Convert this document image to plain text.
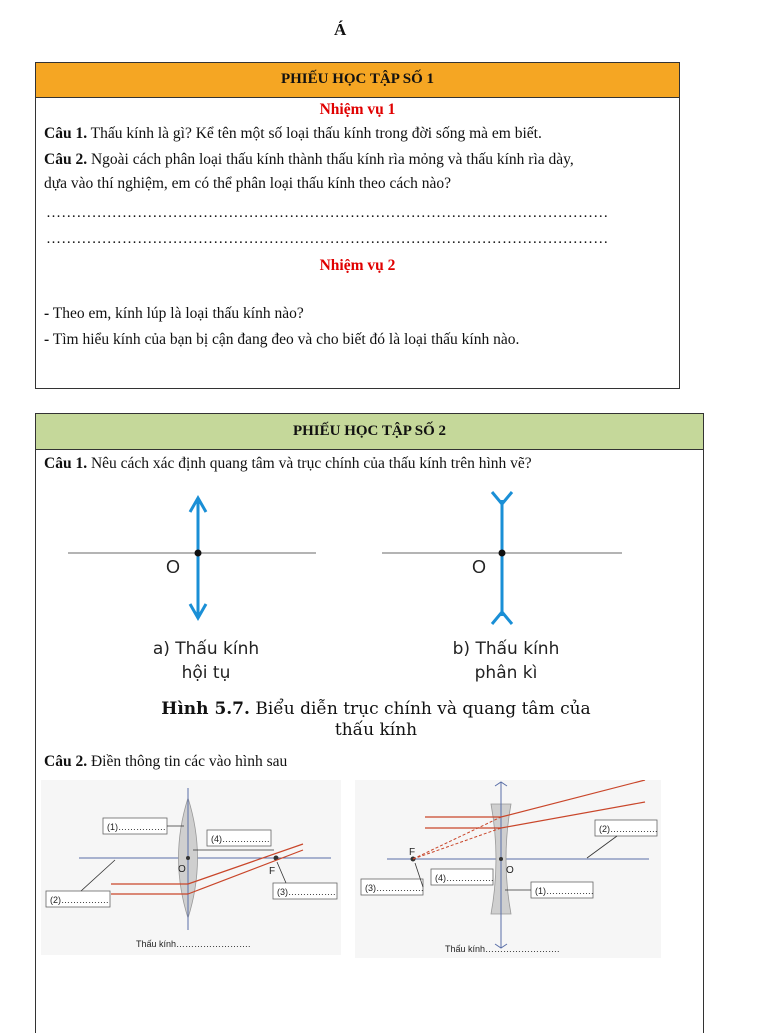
Á
PHIẾU HỌC TẬP SỐ 1
Nhiệm vụ 1
Câu 1. Thấu kính là gì? Kể tên một số loại thấu kính trong đời sống mà em biết.
Câu 2. Ngoài cách phân loại thấu kính thành thấu kính rìa mỏng và thấu kính rìa dày,
dựa vào thí nghiệm, em có thể phân loại thấu kính theo cách nào?
…………………………………………………………………………………………………
…………………………………………………………………………………………………
Nhiệm vụ 2
- Theo em, kính lúp là loại thấu kính nào?
- Tìm hiểu kính của bạn bị cận đang đeo và cho biết đó là loại thấu kính nào.
PHIẾU HỌC TẬP SỐ 2
Câu 1. Nêu cách xác định quang tâm và trục chính của thấu kính trên hình vẽ?
O	O
a) Thấu kính
hội tụ
b) Thấu kính
phân kì
Hình 5.7. Biểu diễn trục chính và quang tâm của
thấu kính
Câu 2. Điền thông tin các vào hình sau
(1)…………….
(4)…………….
(2)…………….
(3)…………….
O	F
Thấu kính…………………….
(2)…………….
(3)…………….
(4)…………….
(1)…………….
O
F
Thấu kính…………………….
